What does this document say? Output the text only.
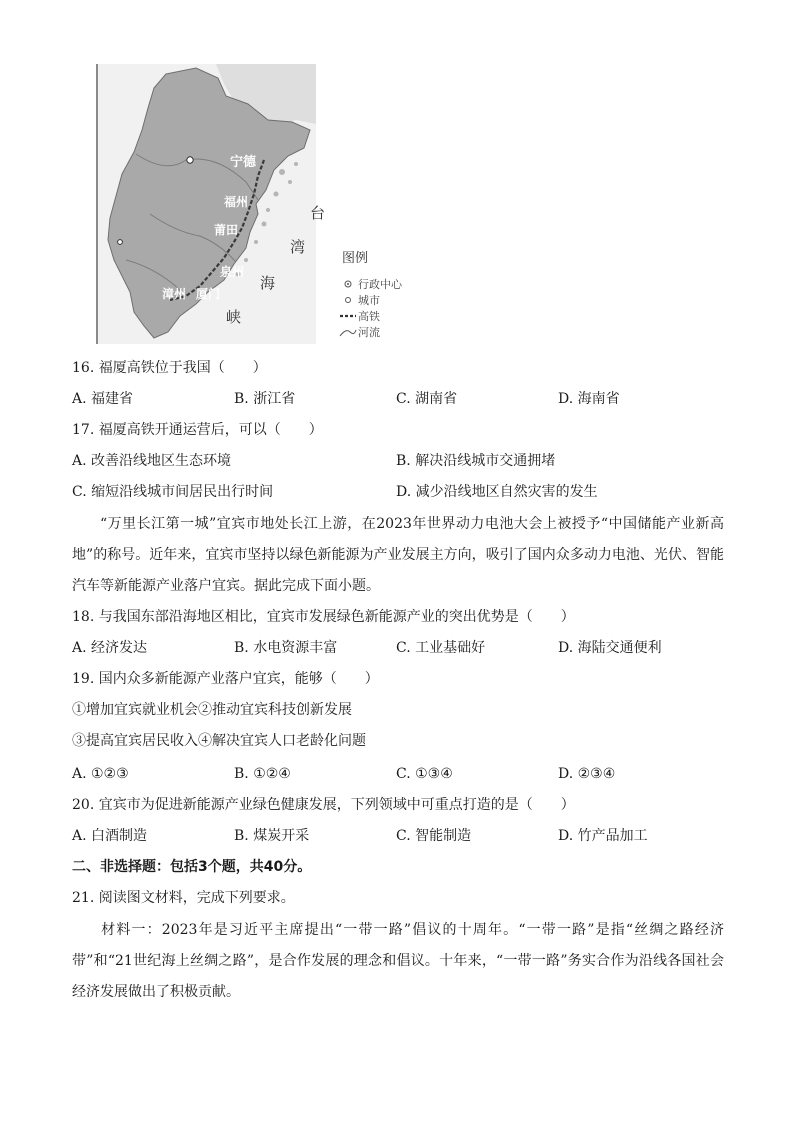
宁德
福州
莆田
泉州
漳州 厦门
台
湾
海
峡
图例
行政中心
城市
高铁
河流
16. 福厦高铁位于我国（　　）
A. 福建省	B. 浙江省	C. 湖南省	D. 海南省
17. 福厦高铁开通运营后，可以（　　）
A. 改善沿线地区生态环境	B. 解决沿线城市交通拥堵
C. 缩短沿线城市间居民出行时间	D. 减少沿线地区自然灾害的发生
“万里长江第一城”宜宾市地处长江上游，在2023年世界动力电池大会上被授予“中国储能产业新高地”的称号。近年来，宜宾市坚持以绿色新能源为产业发展主方向，吸引了国内众多动力电池、光伏、智能汽车等新能源产业落户宜宾。据此完成下面小题。
18. 与我国东部沿海地区相比，宜宾市发展绿色新能源产业的突出优势是（　　）
A. 经济发达	B. 水电资源丰富	C. 工业基础好	D. 海陆交通便利
19. 国内众多新能源产业落户宜宾，能够（　　）
①增加宜宾就业机会②推动宜宾科技创新发展
③提高宜宾居民收入④解决宜宾人口老龄化问题
A. ①②③	B. ①②④	C. ①③④	D. ②③④
20. 宜宾市为促进新能源产业绿色健康发展，下列领域中可重点打造的是（　　）
A. 白酒制造	B. 煤炭开采	C. 智能制造	D. 竹产品加工
二、非选择题：包括3个题，共40分。
21. 阅读图文材料，完成下列要求。
材料一：2023年是习近平主席提出“一带一路”倡议的十周年。“一带一路”是指“丝绸之路经济带”和“21世纪海上丝绸之路”，是合作发展的理念和倡议。十年来，“一带一路”务实合作为沿线各国社会经济发展做出了积极贡献。
